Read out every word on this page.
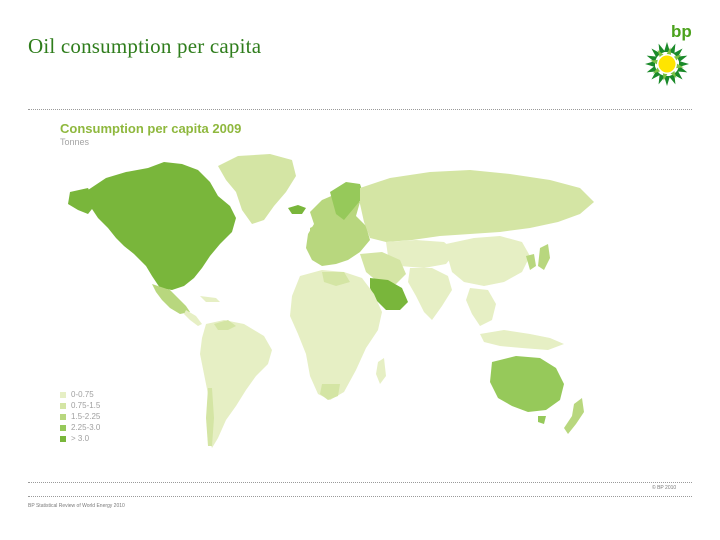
Oil consumption per capita
bp
Consumption per capita 2009
Tonnes
0-0.75
0.75-1.5
1.5-2.25
2.25-3.0
> 3.0
© BP 2010
BP Statistical Review of World Energy 2010
